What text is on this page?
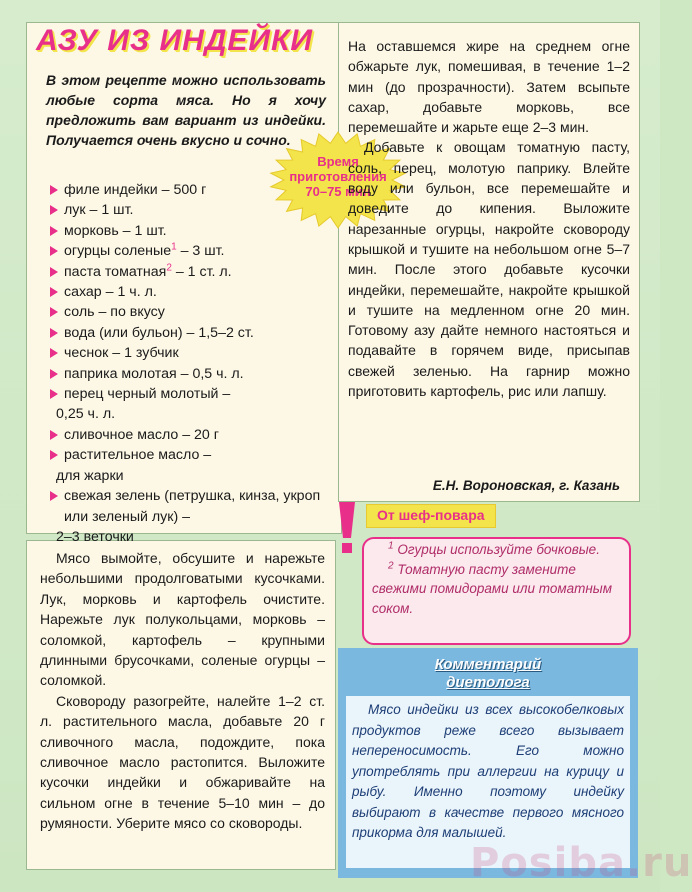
АЗУ ИЗ ИНДЕЙКИ
В этом рецепте можно использовать любые сорта мяса. Но я хочу предложить вам вариант из индейки. Получается очень вкусно и сочно.
филе индейки – 500 г
лук – 1 шт.
морковь – 1 шт.
огурцы соленые$^1$ – 3 шт.
паста томатная$^2$ – 1 ст. л.
сахар – 1 ч. л.
соль – по вкусу
вода (или бульон) – 1,5–2 ст.
чеснок – 1 зубчик
паприка молотая – 0,5 ч. л.
перец черный молотый –
0,25 ч. л.
сливочное масло – 20 г
растительное масло –
для жарки
свежая зелень (петрушка, кинза, укроп или зеленый лук) –
2–3 веточки
Время
приготовления
70–75 мин

Мясо вымойте, обсушите и нарежьте небольшими продолговатыми кусочками. Лук, морковь и картофель очистите. Нарежьте лук полукольцами, морковь – соломкой, картофель – крупными длинными брусочками, соленые огурцы – соломкой.

Сковороду разогрейте, налейте 1–2 ст. л. растительного масла, добавьте 20 г сливочного масла, подождите, пока сливочное масло растопится. Выложите кусочки индейки и обжаривайте на сильном огне в течение 5–10 мин – до румяности. Уберите мясо со сковороды.

На оставшемся жире на среднем огне обжарьте лук, помешивая, в течение 1–2 мин (до прозрачности). Затем всыпьте сахар, добавьте морковь, все перемешайте и жарьте еще 2–3 мин.

Добавьте к овощам томатную пасту, соль, перец, молотую паприку. Влейте воду или бульон, все перемешайте и доведите до кипения. Выложите нарезанные огурцы, накройте сковороду крышкой и тушите на небольшом огне 5–7 мин. После этого добавьте кусочки индейки, перемешайте, накройте крышкой и тушите на медленном огне 20 мин. Готовому азу дайте немного настояться и подавайте в горячем виде, присыпав свежей зеленью. На гарнир можно приготовить картофель, рис или лапшу.

Е.Н. Вороновская, г. Казань
От шеф-повара

$^1$ Огурцы используйте бочковые.

$^2$ Томатную пасту замените свежими помидорами или томатным соком.

Комментарий
диетолога

Мясо индейки из всех высокобелковых продуктов реже всего вызывает непереносимость. Его можно употреблять при аллергии на курицу и рыбу. Именно поэтому индейку выбирают в качестве первого мясного прикорма для малышей.

Posiba.ru
